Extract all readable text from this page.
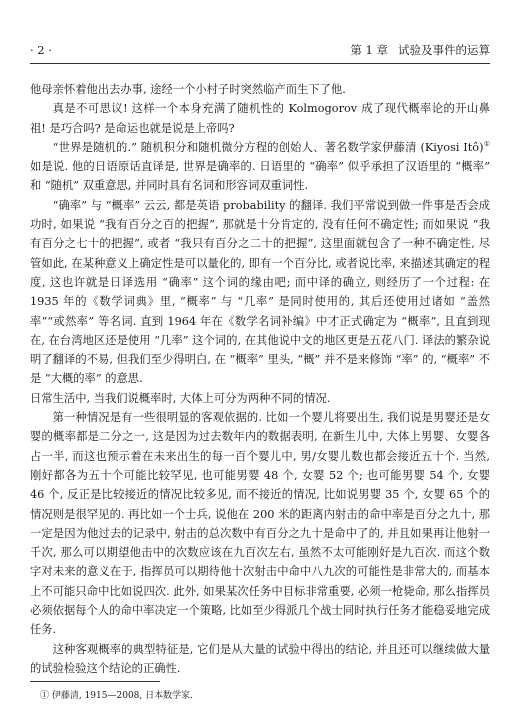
· 2 ·	第 1 章 试验及事件的运算

他母亲怀着他出去办事, 途经一个小村子时突然临产而生下了他.

真是不可思议! 这样一个本身充满了随机性的 Kolmogorov 成了现代概率论的开山鼻祖! 是巧合吗? 是命运也就是说是上帝吗?

“世界是随机的.” 随机积分和随机微分方程的创始人、著名数学家伊藤清 (Kiyosi Itô)①如是说. 他的日语原话直译是, 世界是确率的. 日语里的 “确率” 似乎承担了汉语里的 “概率” 和 “随机” 双重意思, 并同时具有名词和形容词双重词性.

“确率” 与 “概率” 云云, 都是英语 probability 的翻译. 我们平常说到做一件事是否会成功时, 如果说 “我有百分之百的把握”, 那就是十分肯定的, 没有任何不确定性; 而如果说 “我有百分之七十的把握”, 或者 “我只有百分之二十的把握”, 这里面就包含了一种不确定性, 尽管如此, 在某种意义上确定性是可以量化的, 即有一个百分比, 或者说比率, 来描述其确定的程度, 这也许就是日译选用 “确率” 这个词的缘由吧; 而中译的确立, 则经历了一个过程: 在 1935 年的《数学词典》里, “概率” 与 “几率” 是同时使用的, 其后还使用过诸如 “盖然率”“或然率” 等名词. 直到 1964 年在《数学名词补编》中才正式确定为 “概率”, 且直到现在, 在台湾地区还是使用 “几率” 这个词的, 在其他说中文的地区更是五花八门. 译法的繁杂说明了翻译的不易, 但我们至少得明白, 在 “概率” 里头, “概” 并不是来修饰 “率” 的, “概率” 不是 “大概的率” 的意思.

日常生活中, 当我们说概率时, 大体上可分为两种不同的情况.

第一种情况是有一些很明显的客观依据的. 比如一个婴儿将要出生, 我们说是男婴还是女婴的概率都是二分之一, 这是因为过去数年内的数据表明, 在新生儿中, 大体上男婴、女婴各占一半, 而这也预示着在未来出生的每一百个婴儿中, 男/女婴儿数也都会接近五十个. 当然, 刚好都各为五十个可能比较罕见, 也可能男婴 48 个, 女婴 52 个; 也可能男婴 54 个, 女婴 46 个, 反正是比较接近的情况比较多见, 而不接近的情况, 比如说男婴 35 个, 女婴 65 个的情况则是很罕见的. 再比如一个士兵, 说他在 200 米的距离内射击的命中率是百分之九十, 那一定是因为他过去的记录中, 射击的总次数中有百分之九十是命中了的, 并且如果再让他射一千次, 那么可以期望他击中的次数应该在九百次左右, 虽然不太可能刚好是九百次. 而这个数字对未来的意义在于, 指挥员可以期待他十次射击中命中八九次的可能性是非常大的, 而基本上不可能只命中比如说四次. 此外, 如果某次任务中目标非常重要, 必须一枪毙命, 那么指挥员必须依据每个人的命中率决定一个策略, 比如至少得派几个战士同时执行任务才能稳妥地完成任务.

这种客观概率的典型特征是, 它们是从大量的试验中得出的结论, 并且还可以继续做大量的试验检验这个结论的正确性.

① 伊藤清, 1915—2008, 日本数学家.
